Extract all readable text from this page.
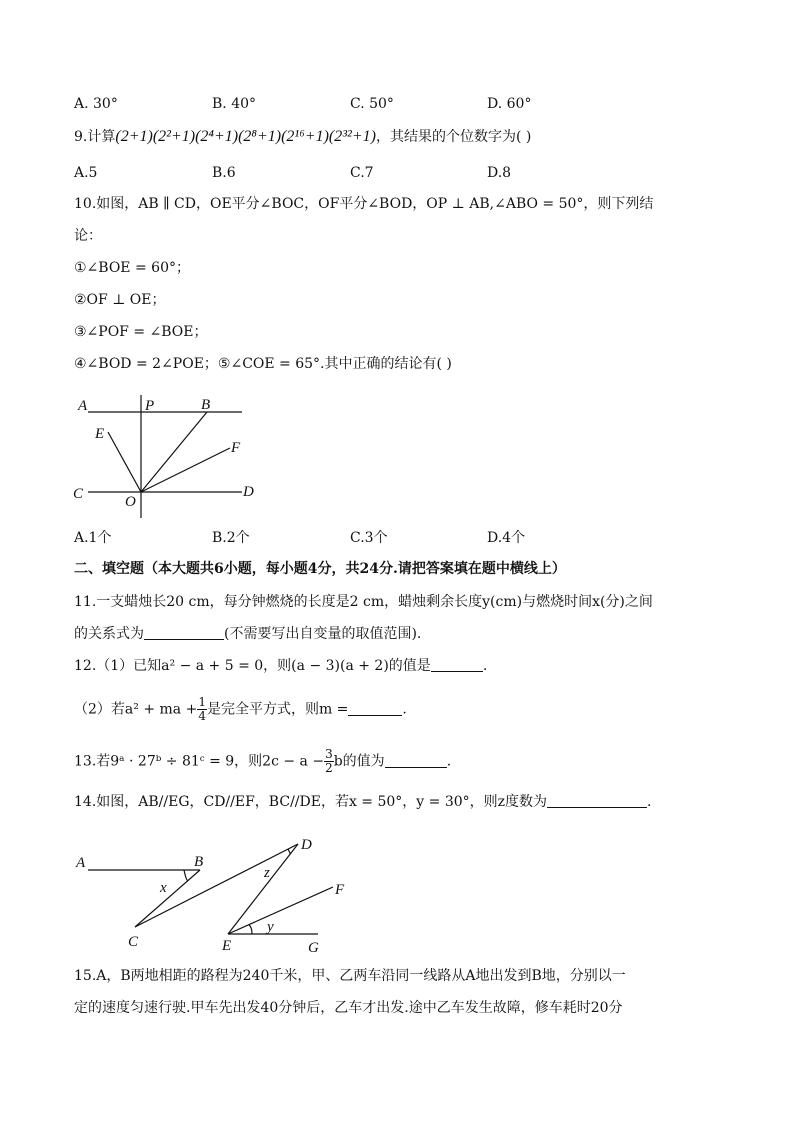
A. 30°	B. 40°	C. 50°	D. 60°
9.计算(2+1)(2²+1)(2⁴+1)(2⁸+1)(2¹⁶+1)(2³²+1)，其结果的个位数字为( )
A.5	B.6	C.7	D.8
10.如图，AB ∥ CD，OE平分∠BOC，OF平分∠BOD，OP ⊥ AB,∠ABO = 50°，则下列结
论：
①∠BOE = 60°；
②OF ⊥ OE；
③∠POF = ∠BOE；
④∠BOD = 2∠POE；⑤∠COE = 65°.其中正确的结论有( )
A	P	B
E
F
C	O
D
A.1个	B.2个	C.3个	D.4个
二、填空题（本大题共6小题，每小题4分，共24分.请把答案填在题中横线上）
11.一支蜡烛长20 cm，每分钟燃烧的长度是2 cm，蜡烛剩余长度y(cm)与燃烧时间x(分)之间
的关系式为	(不需要写出自变量的取值范围).
12.（1）已知a² − a + 5 = 0，则(a − 3)(a + 2)的值是	.
（2）若a² + ma + $\frac{1}{4}$ 是完全平方式，则m =	.
13.若9ᵃ · 27ᵇ ÷ 81ᶜ = 9，则$2c - a - \frac{3}{2}$ b的值为	.
14.如图，AB//EG，CD//EF，BC//DE，若x = 50°，y = 30°，则z度数为	.
A	B
x
C
D
z
F
y
E	G
15.A，B两地相距的路程为240千米，甲、乙两车沿同一线路从A地出发到B地，分别以一
定的速度匀速行驶.甲车先出发40分钟后，乙车才出发.途中乙车发生故障，修车耗时20分
